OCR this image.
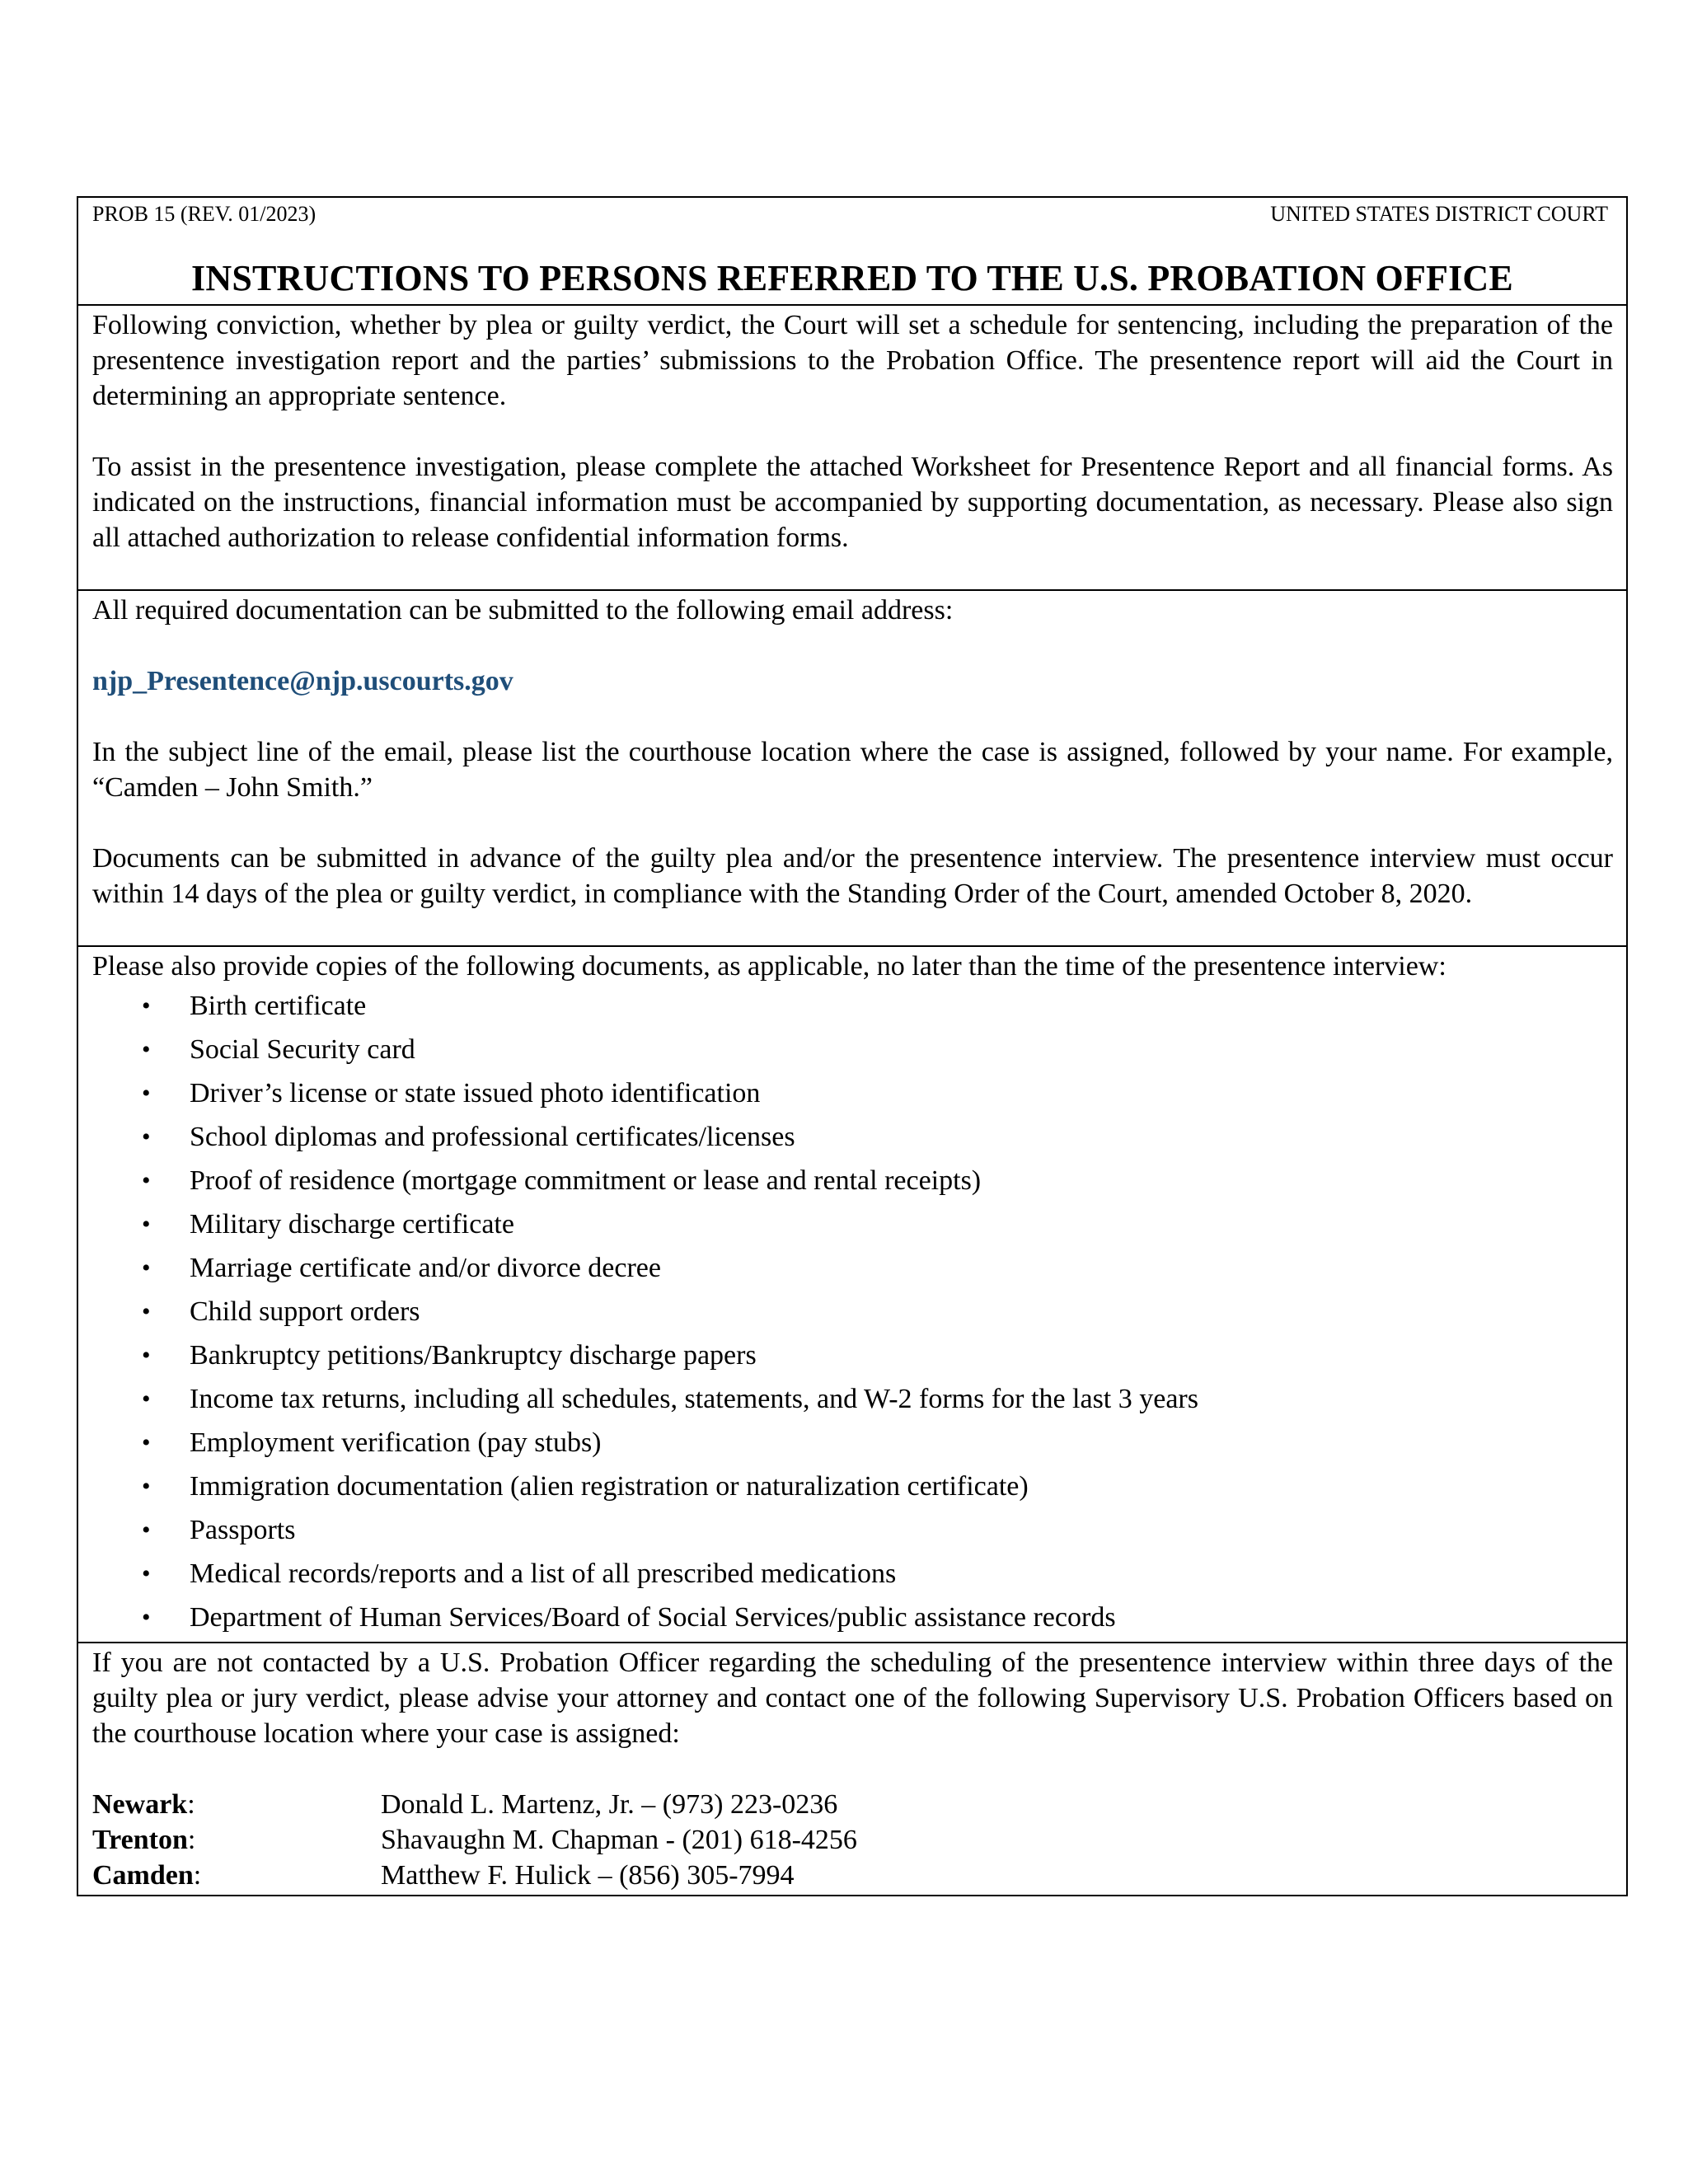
PROB 15 (REV. 01/2023)	UNITED STATES DISTRICT COURT
INSTRUCTIONS TO PERSONS REFERRED TO THE U.S. PROBATION OFFICE

Following conviction, whether by plea or guilty verdict, the Court will set a schedule for sentencing, including the preparation of the presentence investigation report and the parties’ submissions to the Probation Office. The presentence report will aid the Court in determining an appropriate sentence.

To assist in the presentence investigation, please complete the attached Worksheet for Presentence Report and all financial forms. As indicated on the instructions, financial information must be accompanied by supporting documentation, as necessary. Please also sign all attached authorization to release confidential information forms.

All required documentation can be submitted to the following email address:

njp_Presentence@njp.uscourts.gov

In the subject line of the email, please list the courthouse location where the case is assigned, followed by your name. For example, “Camden – John Smith.”

Documents can be submitted in advance of the guilty plea and/or the presentence interview. The presentence interview must occur within 14 days of the plea or guilty verdict, in compliance with the Standing Order of the Court, amended October 8, 2020.

Please also provide copies of the following documents, as applicable, no later than the time of the presentence interview:

• Birth certificate
• Social Security card
• Driver’s license or state issued photo identification
• School diplomas and professional certificates/licenses
• Proof of residence (mortgage commitment or lease and rental receipts)
• Military discharge certificate
• Marriage certificate and/or divorce decree
• Child support orders
• Bankruptcy petitions/Bankruptcy discharge papers
• Income tax returns, including all schedules, statements, and W-2 forms for the last 3 years
• Employment verification (pay stubs)
• Immigration documentation (alien registration or naturalization certificate)
• Passports
• Medical records/reports and a list of all prescribed medications
• Department of Human Services/Board of Social Services/public assistance records

If you are not contacted by a U.S. Probation Officer regarding the scheduling of the presentence interview within three days of the guilty plea or jury verdict, please advise your attorney and contact one of the following Supervisory U.S. Probation Officers based on the courthouse location where your case is assigned:

Newark:	Donald L. Martenz, Jr. – (973) 223-0236
Trenton:	Shavaughn M. Chapman - (201) 618-4256
Camden:	Matthew F. Hulick – (856) 305-7994
